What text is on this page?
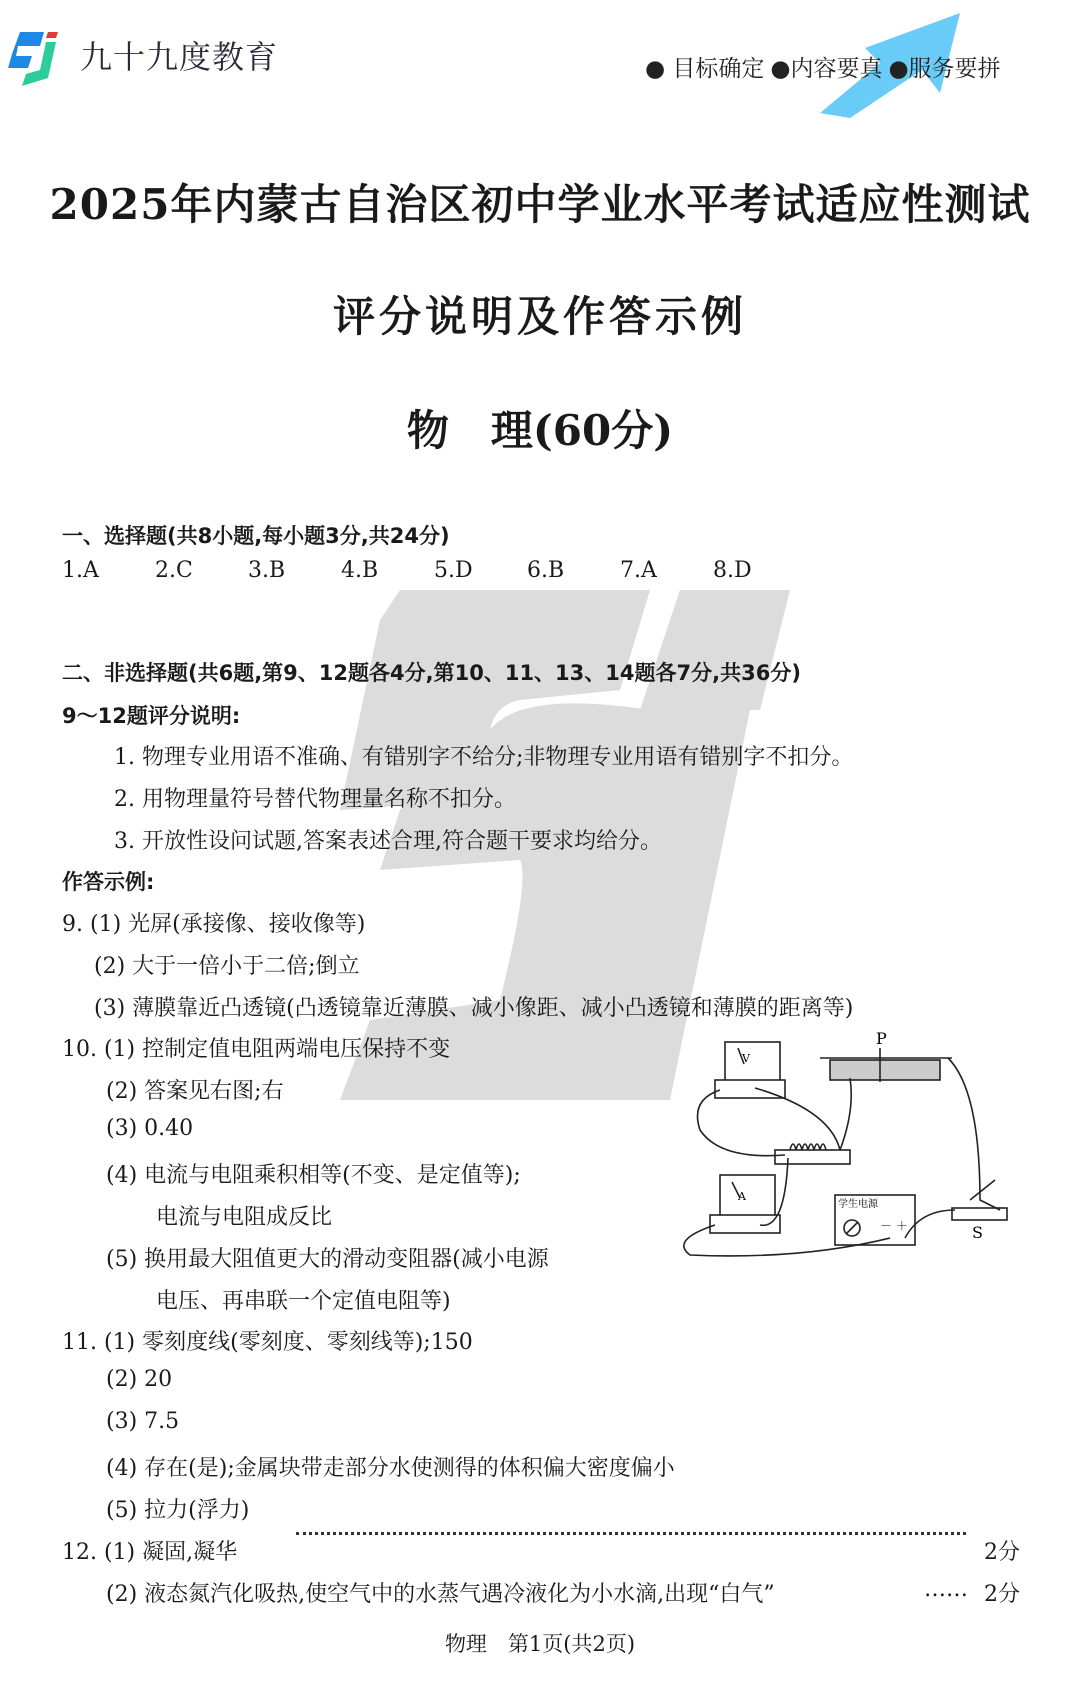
九十九度教育	● 目标确定 ●内容要真 ●服务要拼
2025年内蒙古自治区初中学业水平考试适应性测试
评分说明及作答示例
物　理(60分)
一、选择题(共8小题,每小题3分,共24分)
1.A	2.C	3.B	4.B	5.D 6.B	7.A	8.D
二、非选择题(共6题,第9、12题各4分,第10、11、13、14题各7分,共36分)
9～12题评分说明:
1. 物理专业用语不准确、有错别字不给分;非物理专业用语有错别字不扣分。
2. 用物理量符号替代物理量名称不扣分。
3. 开放性设问试题,答案表述合理,符合题干要求均给分。
作答示例:
9. (1) 光屏(承接像、接收像等)
(2) 大于一倍小于二倍;倒立
(3) 薄膜靠近凸透镜(凸透镜靠近薄膜、减小像距、减小凸透镜和薄膜的距离等)
10. (1) 控制定值电阻两端电压保持不变
(2) 答案见右图;右
(3) 0.40
(4) 电流与电阻乘积相等(不变、是定值等);
电流与电阻成反比
(5) 换用最大阻值更大的滑动变阻器(减小电源
电压、再串联一个定值电阻等)
V
A
P
S
学生电源
－ ＋
11. (1) 零刻度线(零刻度、零刻线等);150
(2) 20
(3) 7.5
(4) 存在(是);金属块带走部分水使测得的体积偏大密度偏小
(5) 拉力(浮力)
12. (1) 凝固,凝华	2分
(2) 液态氮汽化吸热,使空气中的水蒸气遇冷液化为小水滴,出现“白气”	…… 2分
物理　第1页(共2页)
